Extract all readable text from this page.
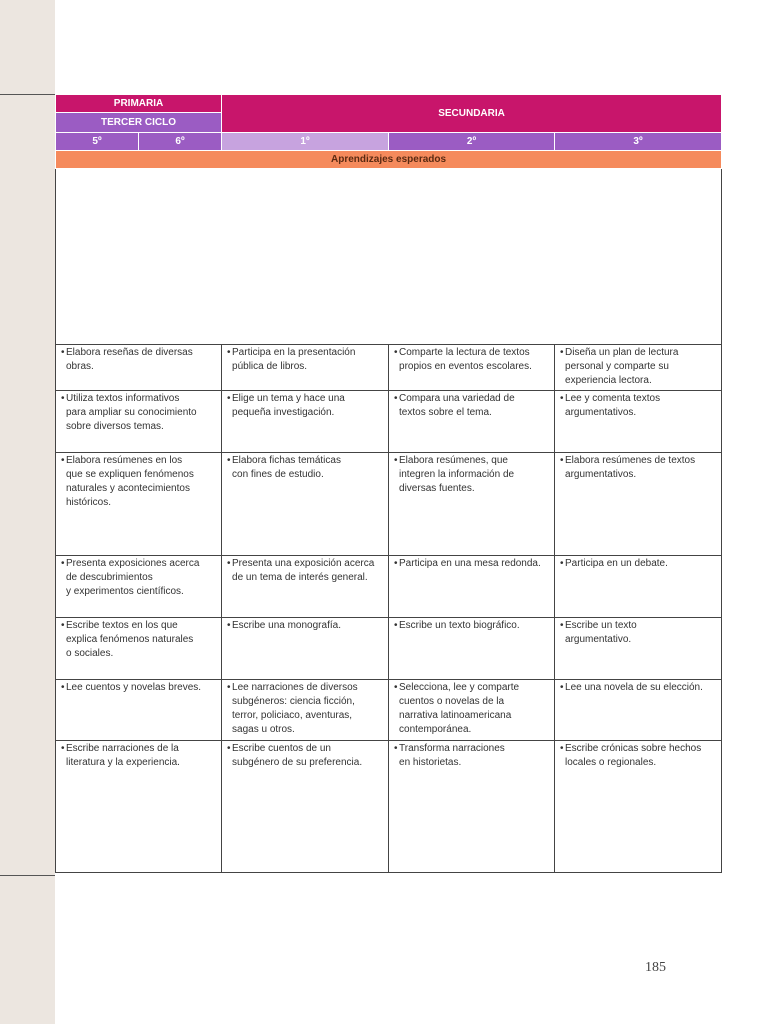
PRIMARIA		SECUNDARIA		
TERCER CICLO				
5º	6º	1º	2º	3º
Aprendizajes esperados				

• Elabora reseñas de diversas
obras.		• Participa en la presentación
pública de libros.	• Comparte la lectura de textos
propios en eventos escolares.	• Diseña un plan de lectura
personal y comparte su
experiencia lectora.

• Utiliza textos informativos
para ampliar su conocimiento
sobre diversos temas.		• Elige un tema y hace una
pequeña investigación.	• Compara una variedad de
textos sobre el tema.	• Lee y comenta textos
argumentativos.

• Elabora resúmenes en los
que se expliquen fenómenos
naturales y acontecimientos
históricos.		• Elabora fichas temáticas
con fines de estudio.	• Elabora resúmenes, que
integren la información de
diversas fuentes.	• Elabora resúmenes de textos
argumentativos.

• Presenta exposiciones acerca
de descubrimientos
y experimentos científicos.		• Presenta una exposición acerca
de un tema de interés general.	• Participa en una mesa redonda.	• Participa en un debate.

• Escribe textos en los que
explica fenómenos naturales
o sociales.		• Escribe una monografía.	• Escribe un texto biográfico.	• Escribe un texto
argumentativo.

• Lee cuentos y novelas breves.		• Lee narraciones de diversos
subgéneros: ciencia ficción,
terror, policiaco, aventuras,
sagas u otros.	• Selecciona, lee y comparte
cuentos o novelas de la
narrativa latinoamericana
contemporánea.	• Lee una novela de su elección.

• Escribe narraciones de la
literatura y la experiencia.		• Escribe cuentos de un
subgénero de su preferencia.	• Transforma narraciones
en historietas.	• Escribe crónicas sobre hechos
locales o regionales.
185
